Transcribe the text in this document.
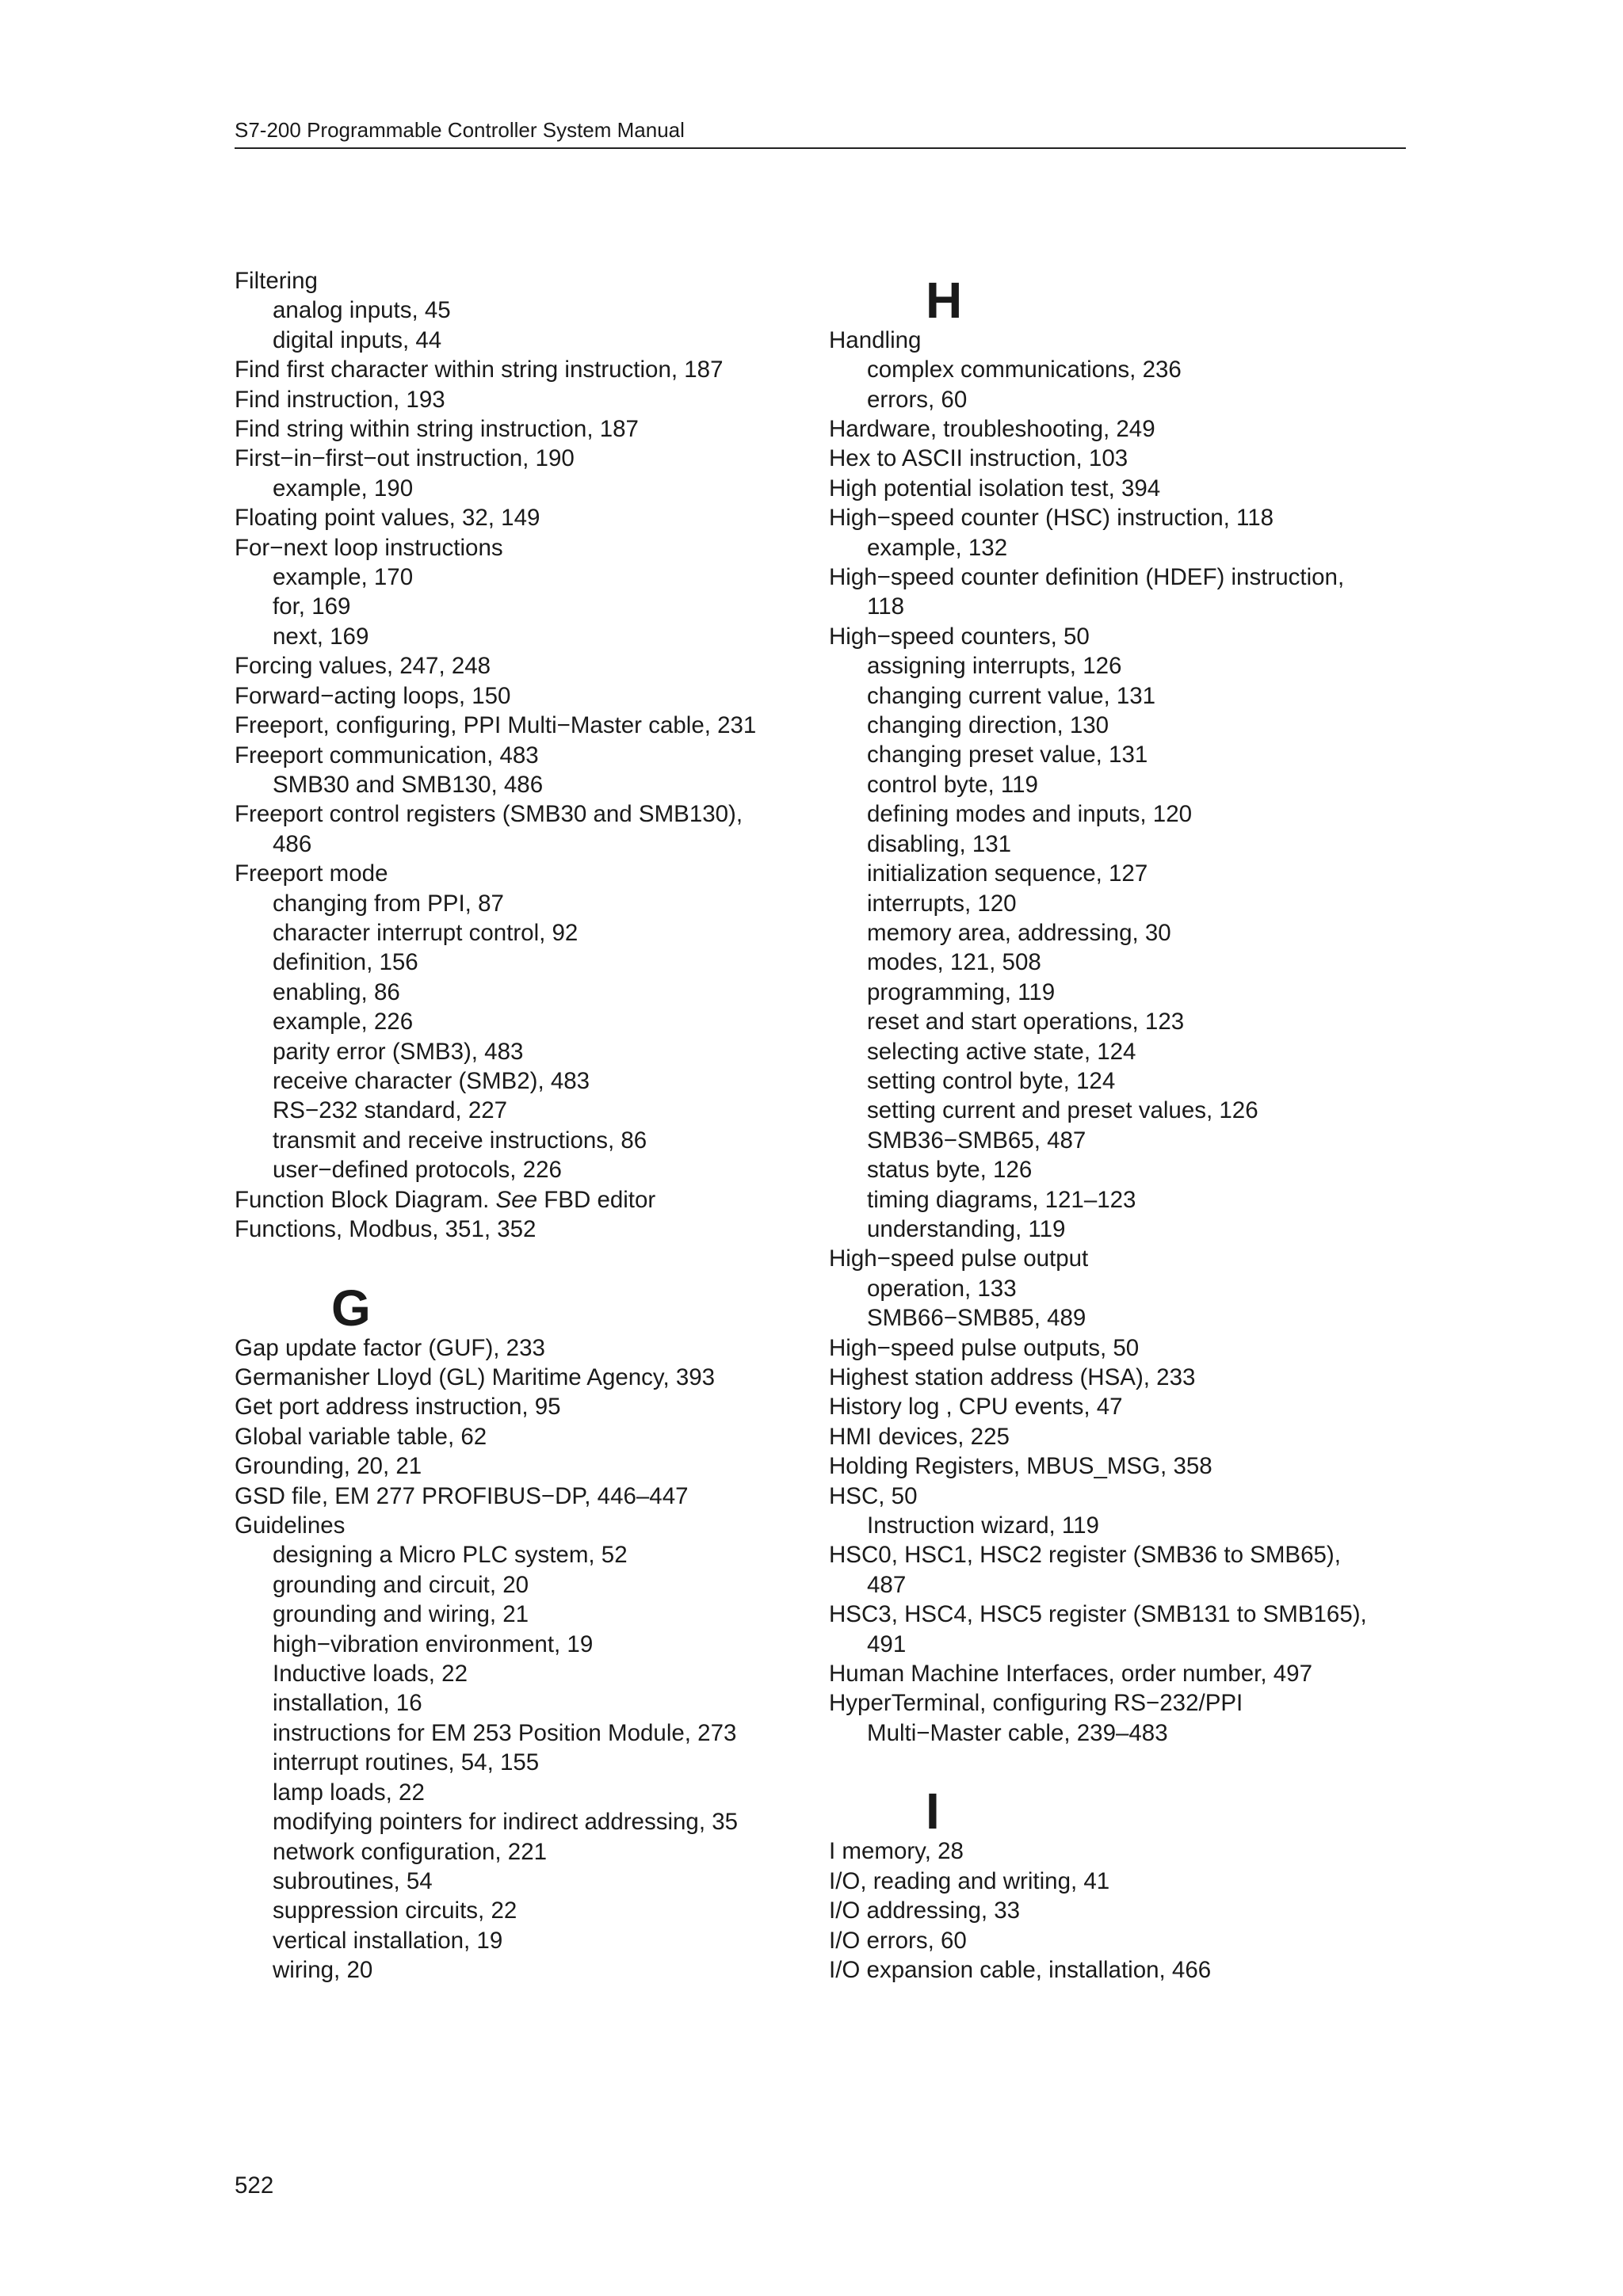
S7-200 Programmable Controller System Manual

Filtering

analog inputs, 45

digital inputs, 44

Find first character within string instruction, 187

Find instruction, 193

Find string within string instruction, 187

First−in−first−out instruction, 190

example, 190

Floating point values, 32, 149

For−next loop instructions

example, 170

for, 169

next, 169

Forcing values, 247, 248

Forward−acting loops, 150

Freeport, configuring, PPI Multi−Master cable, 231

Freeport communication, 483

SMB30 and SMB130, 486

Freeport control registers (SMB30 and SMB130),

486

Freeport mode

changing from PPI, 87

character interrupt control, 92

definition, 156

enabling, 86

example, 226

parity error (SMB3), 483

receive character (SMB2), 483

RS−232 standard, 227

transmit and receive instructions, 86

user−defined protocols, 226

Function Block Diagram. See FBD editor

Functions, Modbus, 351, 352

G

Gap update factor (GUF), 233

Germanisher Lloyd (GL) Maritime Agency, 393

Get port address instruction, 95

Global variable table, 62

Grounding, 20, 21

GSD file, EM 277 PROFIBUS−DP, 446–447

Guidelines

designing a Micro PLC system, 52

grounding and circuit, 20

grounding and wiring, 21

high−vibration environment, 19

Inductive loads, 22

installation, 16

instructions for EM 253 Position Module, 273

interrupt routines, 54, 155

lamp loads, 22

modifying pointers for indirect addressing, 35

network configuration, 221

subroutines, 54

suppression circuits, 22

vertical installation, 19

wiring, 20

H

Handling

complex communications, 236

errors, 60

Hardware, troubleshooting, 249

Hex to ASCII instruction, 103

High potential isolation test, 394

High−speed counter (HSC) instruction, 118

example, 132

High−speed counter definition (HDEF) instruction,

118

High−speed counters, 50

assigning interrupts, 126

changing current value, 131

changing direction, 130

changing preset value, 131

control byte, 119

defining modes and inputs, 120

disabling, 131

initialization sequence, 127

interrupts, 120

memory area, addressing, 30

modes, 121, 508

programming, 119

reset and start operations, 123

selecting active state, 124

setting control byte, 124

setting current and preset values, 126

SMB36−SMB65, 487

status byte, 126

timing diagrams, 121–123

understanding, 119

High−speed pulse output

operation, 133

SMB66−SMB85, 489

High−speed pulse outputs, 50

Highest station address (HSA), 233

History log , CPU events, 47

HMI devices, 225

Holding Registers, MBUS_MSG, 358

HSC, 50

Instruction wizard, 119

HSC0, HSC1, HSC2 register (SMB36 to SMB65),

487

HSC3, HSC4, HSC5 register (SMB131 to SMB165),

491

Human Machine Interfaces, order number, 497

HyperTerminal, configuring RS−232/PPI

Multi−Master cable, 239–483

I

I memory, 28

I/O, reading and writing, 41

I/O addressing, 33

I/O errors, 60

I/O expansion cable, installation, 466

522
